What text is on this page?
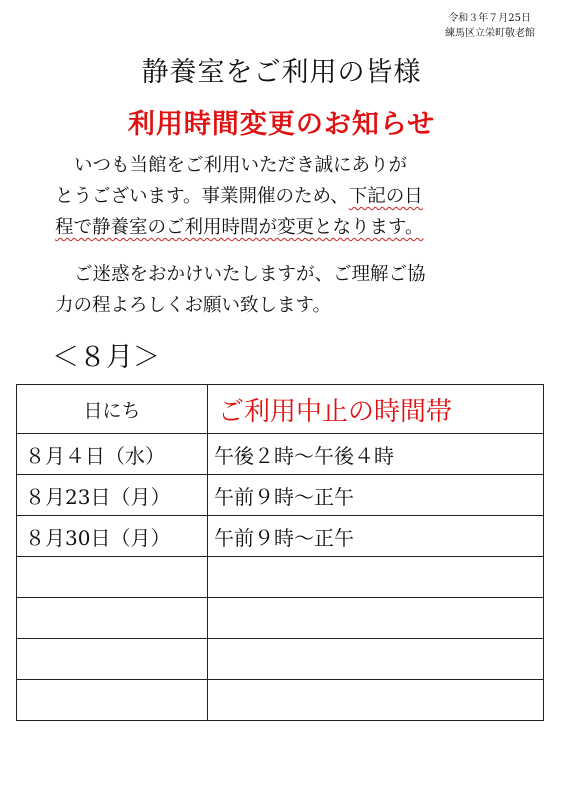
令和３年７月25日
練馬区立栄町敬老館
静養室をご利用の皆様
利用時間変更のお知らせ
いつも当館をご利用いただき誠にありが
とうございます。事業開催のため、下記の日
程で静養室のご利用時間が変更となります。
ご迷惑をおかけいたしますが、ご理解ご協
力の程よろしくお願い致します。
＜８月＞
日にち	ご利用中止の時間帯
８月４日（水）	午後２時～午後４時
８月23日（月）	午前９時～正午
８月30日（月）	午前９時～正午
